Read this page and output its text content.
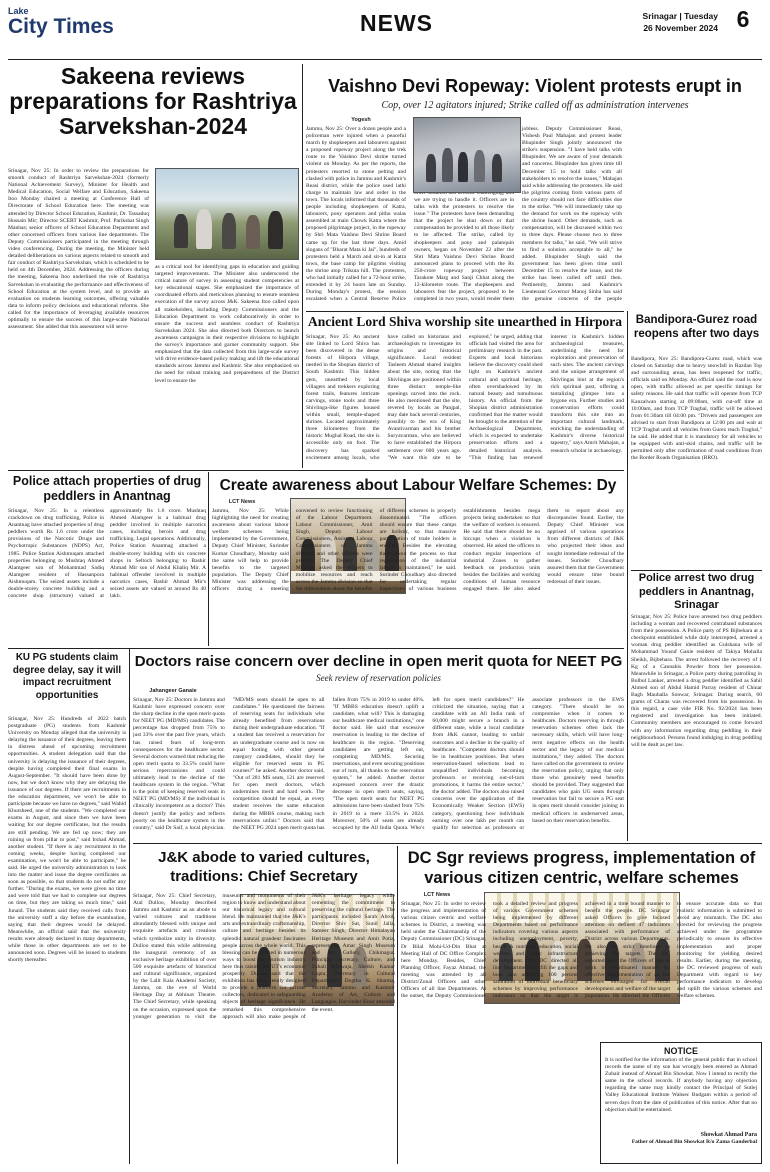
Lake
City Times	NEWS	Srinagar | Tuesday
26 November 2024 6
Sakeena reviews preparations for Rashtriya Sarvekshan-2024
Srinagar, Nov 25: In order to review the preparations for smooth conduct of Rashtriya Sarvekshan-2024 (formerly National Achievement Survey), Minister for Health and Medical Education, Social Welfare and Education, Sakeena Itoo Monday chaired a meeting at Conference Hall of Directorate of School Education here. The meeting was attended by Director School Education, Kashmir, Dr. Tassaduq Hussain Mir; Director SCERT Kashmir, Prof. Parikshat Singh Manhas; senior officers of School Education Department and other concerned officers from various line departments. The Deputy Commissioners participated in the meeting through video conferencing. During the meeting, the Minister held detailed deliberations on various aspects related to smooth and fair conduct of Rashtriya Sarvekshan, which is scheduled to be held on 4th December, 2024. Addressing the officers during the meeting, Sakeena Itoo underlined the role of Rashtriya Sarvekshan in evaluating the performance and effectiveness of School Education at the system level, and to provide an evaluation on students learning outcomes, offering valuable data to inform policy decisions and educational reforms. She called for the importance of leveraging available resources optimally to ensure the success of this large-scale National assessment. She added that this assessment will serve
as a critical tool for identifying gaps in education and guiding targeted improvements. The Minister also underscored the critical nature of survey in assessing student competencies at key educational stages. She emphasized the importance of coordinated efforts and meticulous planning to ensure seamless execution of the survey across J&K. Sakeena Itoo called upon all stakeholders, including Deputy Commissioners and the Education Department to work collaboratively in order to ensure the success and seamless conduct of Rashtriya Sarvekshan 2024. She also directed both Directors to launch awareness campaigns in their respective divisions to highlight the survey's importance and garner community support. She emphasized that the data collected from this large-scale survey will drive evidence-based policy making and lift the educational standards across Jammu and Kashmir. She also emphasized on the need for robust training and preparedness of the District level to ensure the
Vaishno Devi Ropeway: Violent protests erupt in
Cop, over 12 agitators injured; Strike called off as administration intervenes
Yogesh
Jammu, Nov 25: Over a dozen people and a policeman were injured when a peaceful march by shopkeepers and labourers against a proposed ropeway project along the trek route to the Vaishno Devi shrine turned violent on Monday. As per the reports, the protesters resorted to stone pelting and clashed with police in Jammu and Kashmir's Reasi district, while the police used lathi charge to maintain law and order in the town. The locals informed that thousands of people including shopkeepers of Katra, labourers, pony operators and pithu walas assembled at main Chowk Katra where the proposed pilgrimage project, in the ropeway by Shri Mata Vaishno Devi Shrine Board came up for the last three days. Amid slogans of "Bharat Mata ki Jai", hundreds of protesters held a March and sit-in at Katra town, the base camp for pilgrims visiting the shrine atop Trikuta hill. The protesters, who had initially called for a 72-hour strike, extended it by 24 hours late on Sunday. During Monday's protest, the tension escalated when a Central Reserve Police we are trying to handle it. Officers are in talks with the protesters to resolve the issue." The protesters have been demanding that the project be shut down or that compensation be provided to all those likely to be affected. The strike, called by shopkeepers and pony and palanquin owners, began on November 22 after the Shri Mata Vaishno Devi Shrine Board announced plans to proceed with the Rs 250-crore ropeway project between Tarakote Marg and Sanji Chhat along the 12-kilometre route. The shopkeepers and labourers fear the project, proposed to be completed in two years, would render them jobless. Deputy Commissioner Reasi, Vishesh Paul Mahajan and protest leader Bhupinder Singh jointly announced the strike's suspension. "I have held talks with Bhupinder. We are aware of your demands and concerns. Bhupinder has given time till December 15 to hold talks with all stakeholders to resolve the issues," Mahajan said while addressing the protesters. He said the pilgrims coming from various parts of the country should not face difficulties due to the strike. "We will immediately take up the demand for work on the ropeway with the shrine board. Other demands, such as compensation, will be discussed within two to three days. Please choose two to three members for talks," he said. "We will strive to find a solution acceptable to all," he added. Bhupinder Singh said the government has been given time until December 15 to resolve the issue, and the strike has been called off until then. Pertinently, Jammu and Kashmir's Lieutenant Governor Manoj Sinha has said the genuine concerns of the people
Ancient Lord Shiva worship site unearthed in Hirpora
Srinagar, Nov 25: An ancient site linked to Lord Shiva has been discovered in the dense forests of Hirpora village, nestled in the Shopian district of South Kashmir. This hidden gem, unearthed by local villagers and trekkers exploring forest trails, features intricate carvings, stone tools and three Shivlinga-like figures housed within small, temple-shaped shrines. Located approximately three kilometres from the historic Mughal Road, the site is accessible only on foot. The discovery has sparked excitement among locals, who have called on historians and archaeologists to investigate its origins and historical significance. Local resident Tasleem Ahmad shared insights about the site, noting that the Shivlingas are positioned within three distinct temple-like openings carved into the rock. He also mentioned that the site, revered by locals as Panjpal, may date back several centuries, possibly to the era of King Avantivarman and his brother Suryavarman, who are believed to have established the Hirpora settlement over 600 years ago. "We want this site to be explored," he urged, adding that officials had visited the area for preliminary research in the past. Experts and local historians believe the discovery could shed light on Kashmir's ancient cultural and spiritual heritage, often overshadowed by its natural beauty and tumultuous history. An official from the Shopian district administration confirmed that the matter would be brought to the attention of the Archaeological Department, which is expected to undertake preservation efforts and a detailed historical analysis. "This finding has renewed interest in Kashmir's hidden archaeological treasures, underlining the need for exploration and preservation of such sites. The ancient carvings and the unique arrangement of Shivlingas hint at the region's rich spiritual past, offering a tantalizing glimpse into a bygone era. Further studies and conservation efforts could transform this site into an important cultural landmark, enriching the understanding of Kashmir's diverse historical tapestry," says Amrit Mahajan, a research scholar in archaeology.
Bandipora-Gurez road reopens after two days
Bandipora, Nov 25: Bandipora-Gurez road, which was closed on Saturday due to heavy snowfall in Razdan Top and surrounding areas, has been reopened for traffic, officials said on Monday. An official said the road is now open, with traffic allowed as per specific timings for safety reasons. He said that traffic will operate from TCP Kanzalwan starting at 09:00am, with cut-off time at 10:00am, and from TCP Tragbal, traffic will be allowed from 01:30am till 04:00 pm. "Drivers and passengers are advised to start from Bandipora at 12:00 pm and wait at TCP Tragbal until all vehicles from Gurez reach Tragbal," he said. He added that it is mandatory for all vehicles to be equipped with anti-skid chains, and traffic will be permitted only after confirmation of road conditions from the Border Roads Organisation (BRO).
Police attach properties of drug peddlers in Anantnag
Srinagar, Nov 25: In a relentless crackdown on drug trafficking, Police in Anantnag have attached properties of drug peddlers worth Rs 1.6 crore under the provisions of the Narcotic Drugs and Psychotropic Substances (NDPS) Act, 1985. Police Station Aishmuqam attached properties belonging to Mushtaq Ahmed Alamgeer son of Mohammad Sadiq Alamgeer resident of Hassanpora Aishmuqam. The seized assets include a double-storey concrete building and a concrete shop (structure) valued at approximately Rs 1.6 crore. Mushtaq Ahmed Alamgeer is a habitual drug peddler involved in multiple narcotics cases, including heroin and drug trafficking. Legal operations. Additionally, Police Station Anantnag attached a double-storey building with six concrete shops in Seltoch belonging to Bashir Ahmad Mir son of Abdul Khaliq Mir. A habitual offender involved in multiple narcotics cases, Bashir Ahmad Mir's seized assets are valued at around Rs 40 lakh.
Create awareness about Labour Welfare Schemes: Dy
LCT News
Jammu, Nov 25: While highlighting the need for creating awareness about various labour welfare schemes being implemented by the Government, Deputy Chief Minister, Surinder Kumar Choudhary, Monday said the same will help to provide benefits to the targeted population. The Deputy Chief Minister was addressing the officers during a meeting convened to review functioning of the Labour Department. Labour Commissioner, Amit Singh, Deputy Labour Commissioners, Assistant Labour Commissioners of Jammu division and other officers were present. The Deputy Chief Minister asked the officers to mobilize resources and reach across the Jammu division so that the information about the benefits of different schemes is properly disseminated. "The officers should ensure that these camps are holistic, so that massive participation of trade holders is ensured. Besides the elevating them about the process so that registration of the industrial labour is maintained," he said. Surinder Choudhary also directed for undertaking regular inspections of various business establishments besides mega projects being undertaken so that the welfare of workers is ensured. He said that there should be no hiccups when a violation is observed. He asked the officers to conduct regular inspections of industrial Zones to gather feedback on production units besides the facilities and working conditions of human resource engaged there. He also asked them to report about any discrepancies found. Earlier, the Deputy Chief Minister was apprised of various operations from different districts of J&K who projected their ideas and sought immediate redressal of the issues. Surinder Choudhary assured them that the Government would ensure time bound redressal of their issues.	Police arrest two drug peddlers in Anantnag, Srinagar
Srinagar, Nov 25: Police have arrested two drug peddlers including a woman and recovered contraband substances from their possession. A Police party of PS Bijbehara at a checkpoint established while duly intercepted, arrested a woman drug peddler identified as Gulshana wife of Mohammad Yousuf Ganie resident of Takiya Mohalla Sheikh, Bijbehara. The arrest followed the recovery of 1 Kg of a Cannabis Powder from her possession. Meanwhile in Srinagar, a Police party during patrolling in Bulbul Lanker, arrested a drug peddler identified as Sahil Ahmed son of Abdul Hamid Parray resident of Chinar Bagh Mauhalla Sonwar, Srinagar. During search, 60 grams of Charas was recovered from his possession. In this regard, a case vide FIR No. 92/2024 has been registered and investigation has been initiated. Community members are encouraged to come forward with any information regarding drug peddling in their neighbourhood. Persons found indulging in drug peddling will be dealt as per law.
KU PG students claim degree delay, say it will impact recruitment opportunities
Srinagar, Nov 25: Hundreds of 2022 batch postgraduate (PG) students from Kashmir University on Monday alleged that the university is delaying the issuance of their degrees, leaving them in distress ahead of upcoming recruitment opportunities. A student delegation said that the university is delaying the issuance of their degrees, despite having completed their final exams in August-September. "It should have been done by now, but we don't know why they are delaying the issuance of our degrees. If there are recruitments in the education department, we won't be able to participate because we have no degrees," said Wahid Khursheed, one of the students. "We completed our exams in August, and since then we have been waiting for our degree certificates, but the results are still pending. We are fed up now; they are ruining us from pillar to post," said Irshad Ahmad, another student. "If there is any recruitment in the coming weeks, despite having completed our examination, we won't be able to participate," he said. He urged the university administration to look into the matter and issue the degree certificates as soon as possible, so that students do not suffer any further. "During the exams, we were given no time and were told that we had to complete our degrees on time, but they are taking so much time," said Junaid. The students said they received calls from the university staff a day before the examination, saying that their degrees would be delayed. Meanwhile, an official said that the university results were already declared in many departments, while those in other departments are set to be announced soon. Degrees will be issued to students shortly thereafter.
Doctors raise concern over decline in open merit quota for NEET PG
Seek review of reservation policies
Jahangeer Ganaie
Srinagar, Nov 25: Doctors in Jammu and Kashmir have expressed concern over the sharp decline in the open merit quota for NEET PG (MD/MS) candidates. The percentage has dropped from 75% to just 33% over the past five years, which has raised fears of long-term consequences for the healthcare sector. Several doctors warned that reducing the open merit quota to 33.5% could have serious repercussions and could ultimately lead to the decline of the healthcare system in the region. "What is the point of keeping reserved seats in NEET PG (MD/MS) if the individual is clinically incompetent as a doctor? This doesn't justify the policy and reflects poorly on the healthcare system in the country," said Dr Saif, a local physician. "MD/MS seats should be open to all candidates." He questioned the fairness of reserving seats for individuals who already benefited from reservations during their undergraduate education. "If a student has received a reservation for an undergraduate course and is now on equal footing with other general category candidates, should they be eligible for reserved seats in PG courses?" he asked. Another doctor said, "Out of 281 MS seats, 121 are reserved for open merit doctors, which undermines merit and hard work. The competition should be equal, as every student receives the same education during the MBBS course, making such reservations unfair." Doctors said that the NEET PG 2024 open merit quota has fallen from 75% in 2019 to under 40%. "If MBBS education doesn't uplift a candidate, what will? This is damaging our healthcare medical institutions," one doctor said. He said that excessive reservation is leading to the decline of healthcare in the region. "Deserving candidates are getting left out, completing MD/MS. Securing reservations, and even securing positions out of turn, all thanks to the reservation system," he added. Another doctor expressed concern over the drastic decrease in open merit seats, saying, "The open merit seats for NEET PG admissions have been slashed from 75% in 2019 to a mere 33.5% in 2024. Moreover, 50% of seats are already occupied by the All India Quota. Who's left for open merit candidates?" He criticized the situation, saying that a candidate with an All India rank of 60,000 might secure a branch in a different state, while a local candidate from J&K cannot, leading to unfair outcomes and a decline in the quality of healthcare. "Competent doctors should be in healthcare positions. But when reservation-based selections lead to unqualified individuals becoming professors or receiving out-of-turn promotions, it harms the entire sector," the doctor added. The doctors also raised concerns over the application of the Economically Weaker Section (EWS) category, questioning how individuals earning over one lakh per month can qualify for selection as professors or associate professors in the EWS category. "There should be no compromise when it comes to healthcare. Doctors reserving in through reservation schemes often lack the necessary skills, which will have long-term negative effects on the health sector and the legacy of our medical institutions," they added. The doctors have called on the government to review the reservation policy, urging that only those who genuinely need benefits should be provided. They suggested that candidates who gain UG seats through reservation but fail to secure a PG seat in open merit should consider joining in medical officers in underserved areas, based on their reservation benefits.
J&K abode to varied cultures, traditions: Chief Secretary
Srinagar, Nov 25: Chief Secretary, Atal Dulloo, Monday described Jammu and Kashmir as an abode to varied cultures and traditions abundantly blessed with unique and exquisite artefacts and creations which symbolize unity in diversity. Dulloo stated this while addressing the inaugural ceremony of an exclusive heritage exhibition of over 500 exquisite artefacts of historical and cultural significance, organized by the Lalit Kala Akademi Society, Jammu, on the eve of World Heritage Day at Abhinav Theatre. The Chief Secretary, while speaking on the occasion, expressed upon the younger generation to visit the museums and monuments of their region to know and understand about our historical legacy and cultural blend. He maintained that the J&K's arts and extraordinary craftsmanship, culture and heritage besides its splendid natural grandeur fascinates people across the whole world. This blessing can be utilized in numerous ways to boost the tourism industry here thus raising the UT's economic prosperity. Dulloo said that the exhibition has been keenly designed to provide a platform for private collectors, dedicated to safeguarding objects of heritage significance. He remarked this comprehensive approach will also make people of J&K's heritage legacy while cementing the commitment to preserving the cultural heritage. The participants included Sarah Abrol, Director Shiv Sat, Sunil Jalla, Sameer Singh, Director Himalayan Heritage Museum and Amit Potia, representing Amar Singh Museum and Art Gallery, Chikmagur. Principal Secretary, Culture, and Suhail Khawaja, Sheikh Kumar Gupta, Secretary in Cultural Department, Dogtha K. Sharma, Secretary, Jammu and Kashmir Academy of Art, Culture and Languages, Harvinder Kour attended the event.
DC Sgr reviews progress, implementation of various citizen centric, welfare schemes
LCT News
Srinagar, Nov 25: In order to review the progress and implementation of various citizen centric and welfare schemes in District, a meeting was held under the Chairmanship of the Deputy Commissioner (DC) Srinagar, Dr Bilal Mohi-Ud-Din Bhat at Meeting Hall of DC Office Complex here Monday. Besides, Chief Planning Officer, Fayaz Ahmad, the meeting was attended by all District/Zonal Officers and other Officers of all line Departments. At the outset, the Deputy Commissioner took a detailed review and progress of various Government schemes being implemented by different Departments based on performance indicators covering various aspects including unemployment, poverty, health & nutrition, education, social welfare and basic infrastructure development. The DC directed all line Departments to fill the gaps and look into achieving 100 percent saturation of individual beneficiary schemes by improving performance indicators so that the target is achieved in a time bound manner to benefit the people. DC Srinagar asked Officers to give focused attention on defined 47 indicators associated with performance of District across various Departments. He also set strict timelines in achieving the targets. The DC exhorted upon the Officers of line to work in coordinated manner for effective implementation of all the schemes envisaged for overall development and welfare of the target population. He directed the Officers to ensure accurate data so that realistic information is submitted to avoid any mismatch. The DC also directed for reviewing the progress achieved under the programme periodically to ensure its effective implementation and proper monitoring for yielding desired results. Earlier, during the meeting, the DC reviewed progress of each Department with regard to key performance indicators to develop and uplift the various schemes and welfare schemes.
NOTICE
It is notified for the information of the general public that in school records the name of my son has wrongly been entered as Ahmad Zubair instead of Ahmad Bin Showkat. Now I intend to rectify the same in the school records. If anybody having any objection regarding the same may kindly contact the Principal of Sutlej Valley Educational Institute Wahsec Budgam within a period of seven days from the date of publication of this notice. After that no objection shall be entertained.
Showkat Ahmad Para
Father of Ahmad Bin Showkat R/o Zama Ganderbal
